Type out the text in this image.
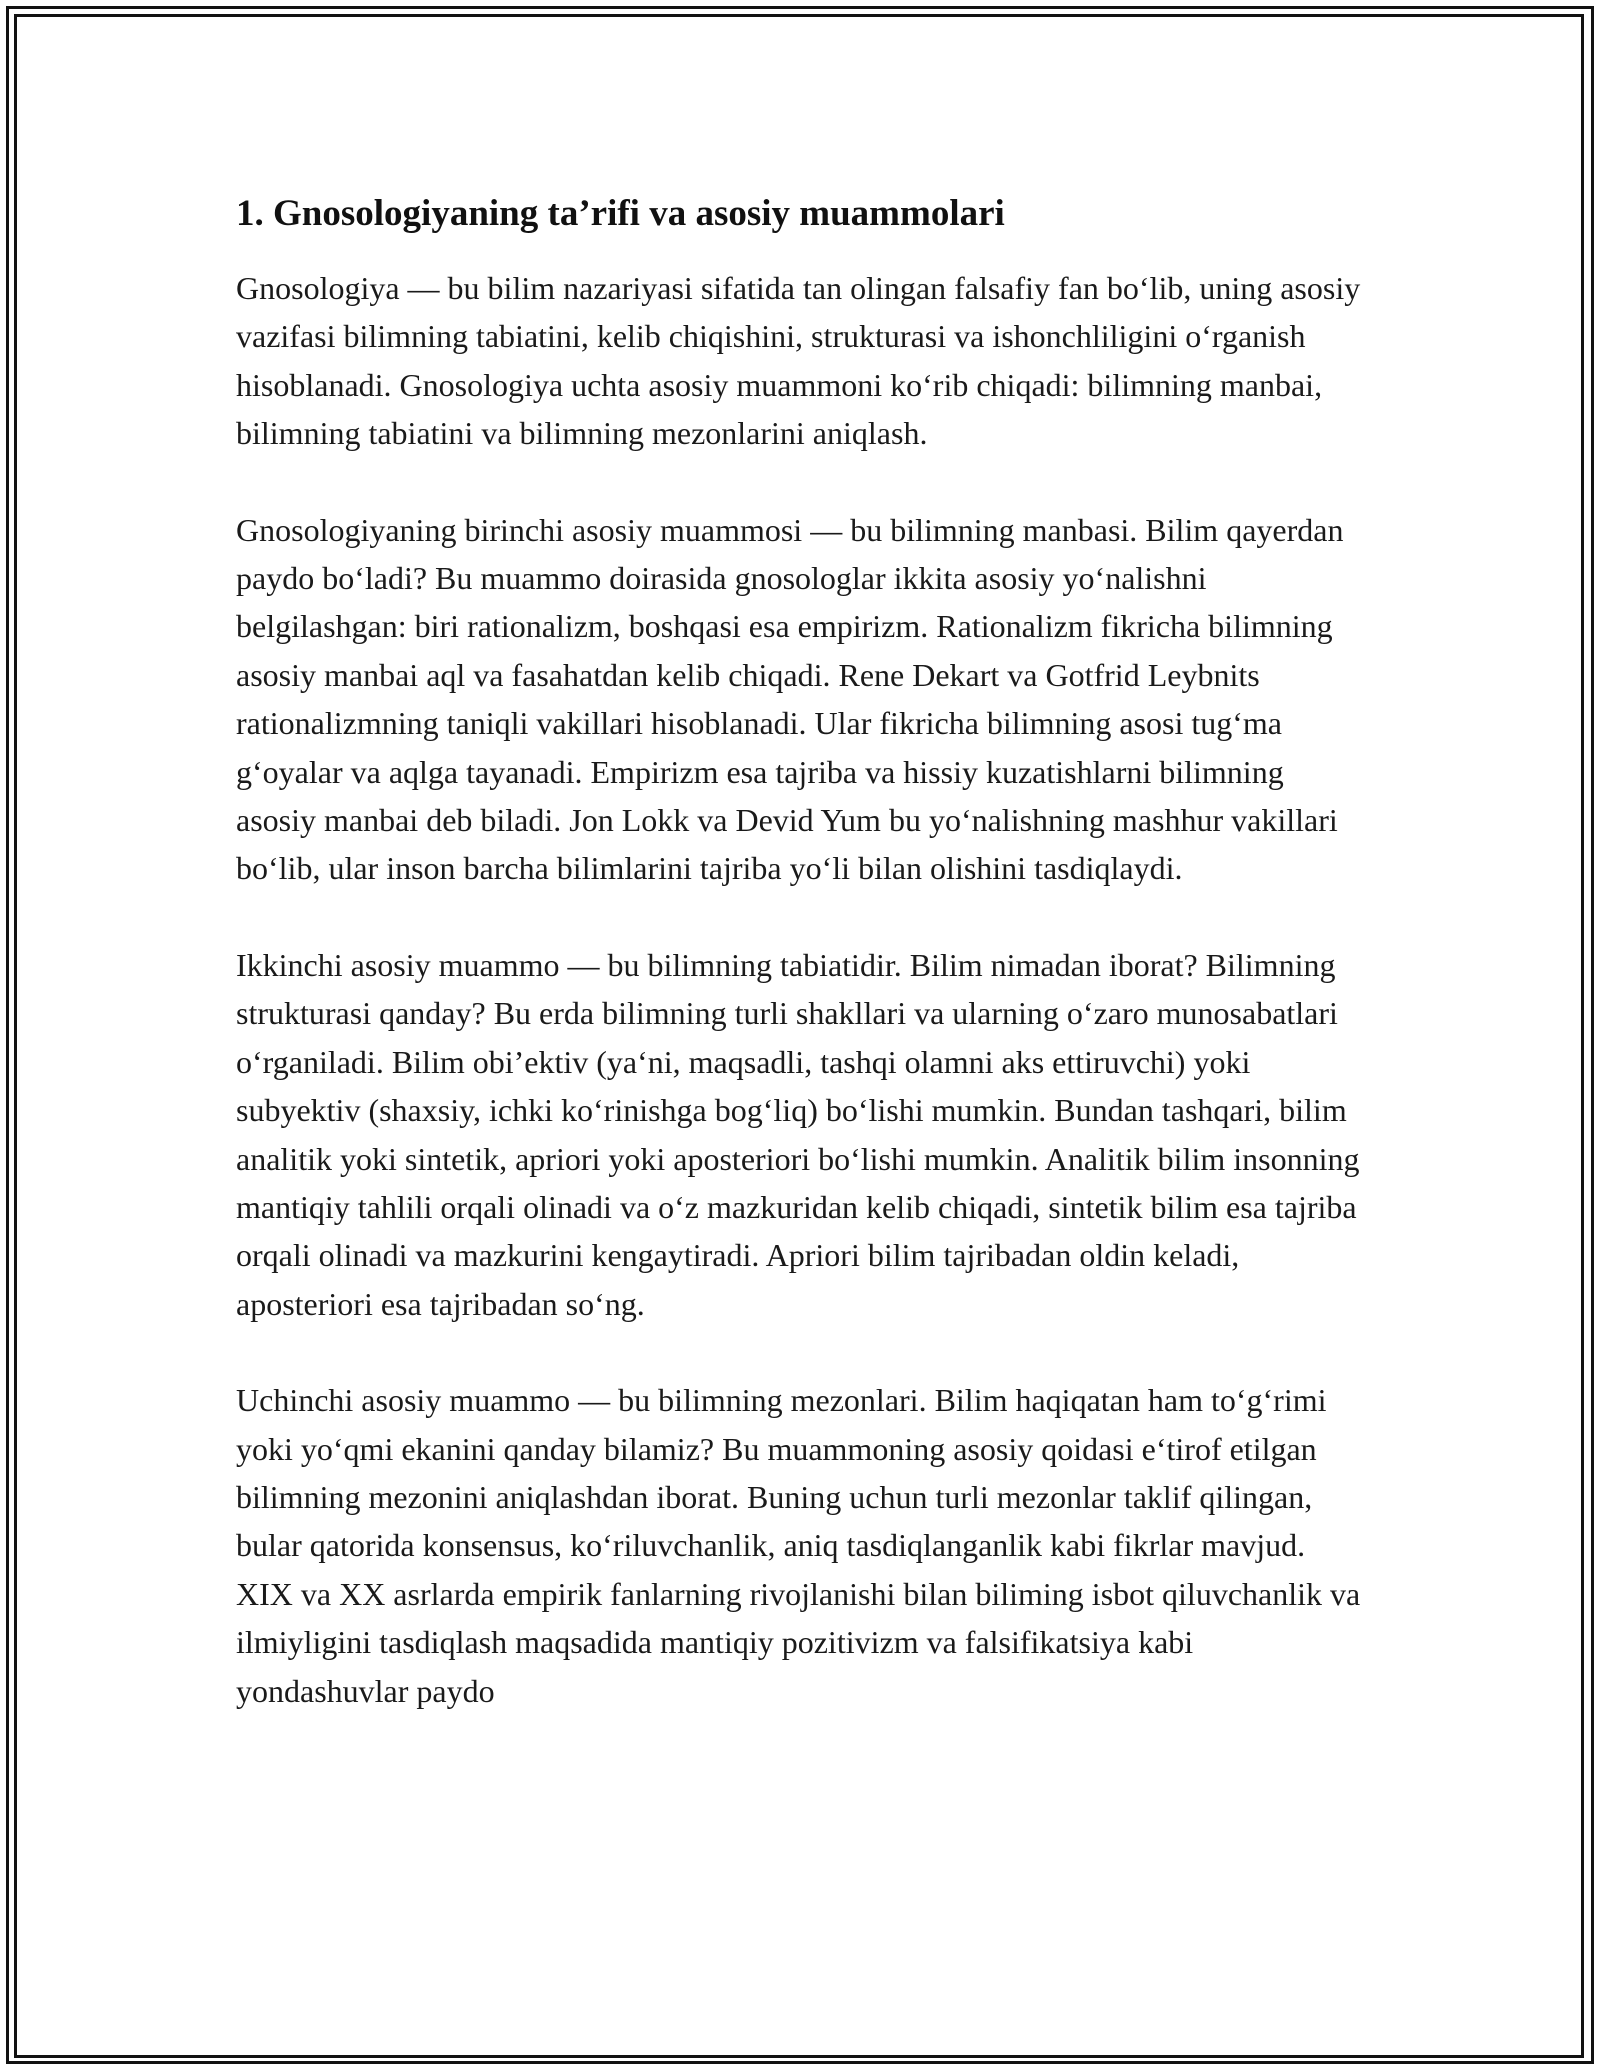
1. Gnosologiyaning ta’rifi va asosiy muammolari

Gnosologiya — bu bilim nazariyasi sifatida tan olingan falsafiy fan bo‘lib, uning asosiy vazifasi bilimning tabiatini, kelib chiqishini, strukturasi va ishonchliligini o‘rganish hisoblanadi. Gnosologiya uchta asosiy muammoni ko‘rib chiqadi: bilimning manbai, bilimning tabiatini va bilimning mezonlarini aniqlash.

Gnosologiyaning birinchi asosiy muammosi — bu bilimning manbasi. Bilim qayerdan paydo bo‘ladi? Bu muammo doirasida gnosologlar ikkita asosiy yo‘nalishni belgilashgan: biri rationalizm, boshqasi esa empirizm. Rationalizm fikricha bilimning asosiy manbai aql va fasahatdan kelib chiqadi. Rene Dekart va Gotfrid Leybnits rationalizmning taniqli vakillari hisoblanadi. Ular fikricha bilimning asosi tug‘ma g‘oyalar va aqlga tayanadi. Empirizm esa tajriba va hissiy kuzatishlarni bilimning asosiy manbai deb biladi. Jon Lokk va Devid Yum bu yo‘nalishning mashhur vakillari bo‘lib, ular inson barcha bilimlarini tajriba yo‘li bilan olishini tasdiqlaydi.

Ikkinchi asosiy muammo — bu bilimning tabiatidir. Bilim nimadan iborat? Bilimning strukturasi qanday? Bu erda bilimning turli shakllari va ularning o‘zaro munosabatlari o‘rganiladi. Bilim obi’ektiv (ya‘ni, maqsadli, tashqi olamni aks ettiruvchi) yoki subyektiv (shaxsiy, ichki ko‘rinishga bog‘liq) bo‘lishi mumkin. Bundan tashqari, bilim analitik yoki sintetik, apriori yoki aposteriori bo‘lishi mumkin. Analitik bilim insonning mantiqiy tahlili orqali olinadi va o‘z mazkuridan kelib chiqadi, sintetik bilim esa tajriba orqali olinadi va mazkurini kengaytiradi. Apriori bilim tajribadan oldin keladi, aposteriori esa tajribadan so‘ng.

Uchinchi asosiy muammo — bu bilimning mezonlari. Bilim haqiqatan ham to‘g‘rimi yoki yo‘qmi ekanini qanday bilamiz? Bu muammoning asosiy qoidasi e‘tirof etilgan bilimning mezonini aniqlashdan iborat. Buning uchun turli mezonlar taklif qilingan, bular qatorida konsensus, ko‘riluvchanlik, aniq tasdiqlanganlik kabi fikrlar mavjud. XIX va XX asrlarda empirik fanlarning rivojlanishi bilan biliming isbot qiluvchanlik va ilmiyligini tasdiqlash maqsadida mantiqiy pozitivizm va falsifikatsiya kabi yondashuvlar paydo
